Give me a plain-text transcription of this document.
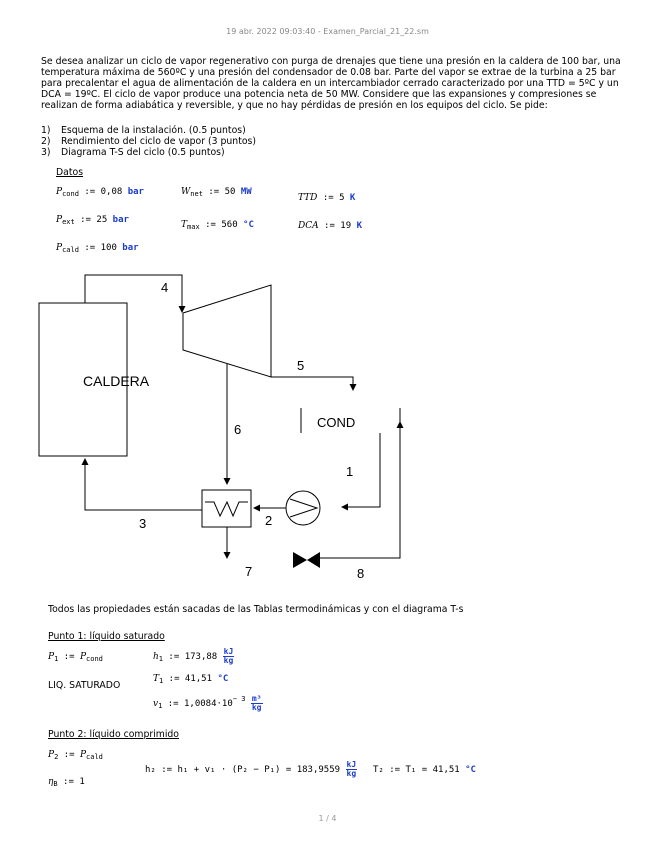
19 abr. 2022 09:03:40 - Examen_Parcial_21_22.sm
Se desea analizar un ciclo de vapor regenerativo con purga de drenajes que tiene una presión en la caldera de 100 bar, una temperatura máxima de 560ºC y una presión del condensador de 0.08 bar. Parte del vapor se extrae de la turbina a 25 bar para precalentar el agua de alimentación de la caldera en un intercambiador cerrado caracterizado por una TTD = 5ºC y un DCA = 19ºC. El ciclo de vapor produce una potencia neta de 50 MW. Considere que las expansiones y compresiones se realizan de forma adiabática y reversible, y que no hay pérdidas de presión en los equipos del ciclo. Se pide:
1) Esquema de la instalación. (0.5 puntos)
2) Rendimiento del ciclo de vapor (3 puntos)
3) Diagrama T-S del ciclo (0.5 puntos)
Datos
$P_{cond}$ := 0,08 bar
$P_{ext}$ := 25 bar
$P_{cald}$ := 100 bar
$W_{net}$ := 50 MW
$T_{max}$ := 560 °C
TTD := 5 K
DCA := 19 K
CALDERA
COND
1
2
3
4
5
6
7	8
Todos las propiedades están sacadas de las Tablas termodinámicas y con el diagrama T-s
Punto 1: líquido saturado
$P_1$ := $P_{cond}$
LIQ. SATURADO
$h_1$ := $173,88 \frac{kJ}{kg}$
$T_1$ := 41,51 °C
$v_1$ := $1,0084\cdot 10^{- 3} \frac{\text{m³}}{kg}$
Punto 2: líquido comprimido
$P_2$ := $P_{cald}$
$\eta_B$ := 1
h₂ := $h_1 + v_1 \cdot (P_2 - P_1) = 183,9559 \frac{kJ}{kg} T_2$ := T₁ = 41,51 °C
1 / 4
